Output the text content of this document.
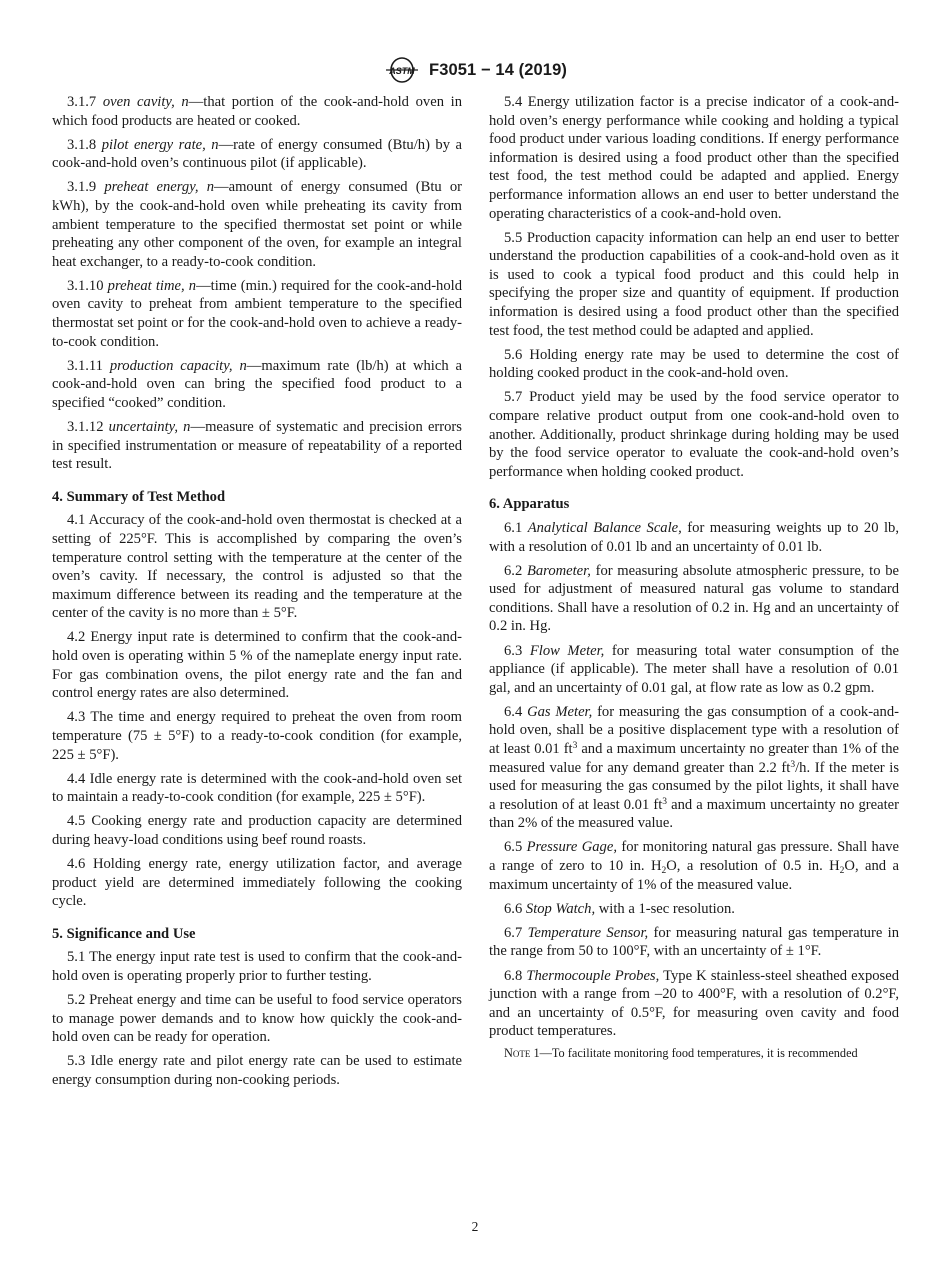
ASTM F3051 − 14 (2019)

3.1.7 oven cavity, n—that portion of the cook-and-hold oven in which food products are heated or cooked.

3.1.8 pilot energy rate, n—rate of energy consumed (Btu/h) by a cook-and-hold oven’s continuous pilot (if applicable).

3.1.9 preheat energy, n—amount of energy consumed (Btu or kWh), by the cook-and-hold oven while preheating its cavity from ambient temperature to the specified thermostat set point or while preheating any other component of the oven, for example an integral heat exchanger, to a ready-to-cook condition.

3.1.10 preheat time, n—time (min.) required for the cook-and-hold oven cavity to preheat from ambient temperature to the specified thermostat set point or for the cook-and-hold oven to achieve a ready-to-cook condition.

3.1.11 production capacity, n—maximum rate (lb/h) at which a cook-and-hold oven can bring the specified food product to a specified “cooked” condition.

3.1.12 uncertainty, n—measure of systematic and precision errors in specified instrumentation or measure of repeatability of a reported test result.

4. Summary of Test Method

4.1 Accuracy of the cook-and-hold oven thermostat is checked at a setting of 225°F. This is accomplished by comparing the oven’s temperature control setting with the temperature at the center of the oven’s cavity. If necessary, the control is adjusted so that the maximum difference between its reading and the temperature at the center of the cavity is no more than ± 5°F.

4.2 Energy input rate is determined to confirm that the cook-and-hold oven is operating within 5 % of the nameplate energy input rate. For gas combination ovens, the pilot energy rate and the fan and control energy rates are also determined.

4.3 The time and energy required to preheat the oven from room temperature (75 ± 5°F) to a ready-to-cook condition (for example, 225 ± 5°F).

4.4 Idle energy rate is determined with the cook-and-hold oven set to maintain a ready-to-cook condition (for example, 225 ± 5°F).

4.5 Cooking energy rate and production capacity are determined during heavy-load conditions using beef round roasts.

4.6 Holding energy rate, energy utilization factor, and average product yield are determined immediately following the cooking cycle.

5. Significance and Use

5.1 The energy input rate test is used to confirm that the cook-and-hold oven is operating properly prior to further testing.

5.2 Preheat energy and time can be useful to food service operators to manage power demands and to know how quickly the cook-and-hold oven can be ready for operation.

5.3 Idle energy rate and pilot energy rate can be used to estimate energy consumption during non-cooking periods.

5.4 Energy utilization factor is a precise indicator of a cook-and-hold oven’s energy performance while cooking and holding a typical food product under various loading conditions. If energy performance information is desired using a food product other than the specified test food, the test method could be adapted and applied. Energy performance information allows an end user to better understand the operating characteristics of a cook-and-hold oven.

5.5 Production capacity information can help an end user to better understand the production capabilities of a cook-and-hold oven as it is used to cook a typical food product and this could help in specifying the proper size and quantity of equipment. If production information is desired using a food product other than the specified test food, the test method could be adapted and applied.

5.6 Holding energy rate may be used to determine the cost of holding cooked product in the cook-and-hold oven.

5.7 Product yield may be used by the food service operator to compare relative product output from one cook-and-hold oven to another. Additionally, product shrinkage during holding may be used by the food service operator to evaluate the cook-and-hold oven’s performance when holding cooked product.

6. Apparatus

6.1 Analytical Balance Scale, for measuring weights up to 20 lb, with a resolution of 0.01 lb and an uncertainty of 0.01 lb.

6.2 Barometer, for measuring absolute atmospheric pressure, to be used for adjustment of measured natural gas volume to standard conditions. Shall have a resolution of 0.2 in. Hg and an uncertainty of 0.2 in. Hg.

6.3 Flow Meter, for measuring total water consumption of the appliance (if applicable). The meter shall have a resolution of 0.01 gal, and an uncertainty of 0.01 gal, at flow rate as low as 0.2 gpm.

6.4 Gas Meter, for measuring the gas consumption of a cook-and-hold oven, shall be a positive displacement type with a resolution of at least 0.01 $ft^3$ and a maximum uncertainty no greater than 1% of the measured value for any demand greater than 2.2 $ft^3/h$. If the meter is used for measuring the gas consumed by the pilot lights, it shall have a resolution of at least 0.01 $ft^3$ and a maximum uncertainty no greater than 2% of the measured value.

6.5 Pressure Gage, for monitoring natural gas pressure. Shall have a range of zero to 10 in. $H_2O$, a resolution of 0.5 in. $H_2O$, and a maximum uncertainty of 1% of the measured value.

6.6 Stop Watch, with a 1-sec resolution.

6.7 Temperature Sensor, for measuring natural gas temperature in the range from 50 to 100°F, with an uncertainty of ± 1°F.

6.8 Thermocouple Probes, Type K stainless-steel sheathed exposed junction with a range from –20 to 400°F, with a resolution of 0.2°F, and an uncertainty of 0.5°F, for measuring oven cavity and food product temperatures.

Note 1—To facilitate monitoring food temperatures, it is recommended

2
